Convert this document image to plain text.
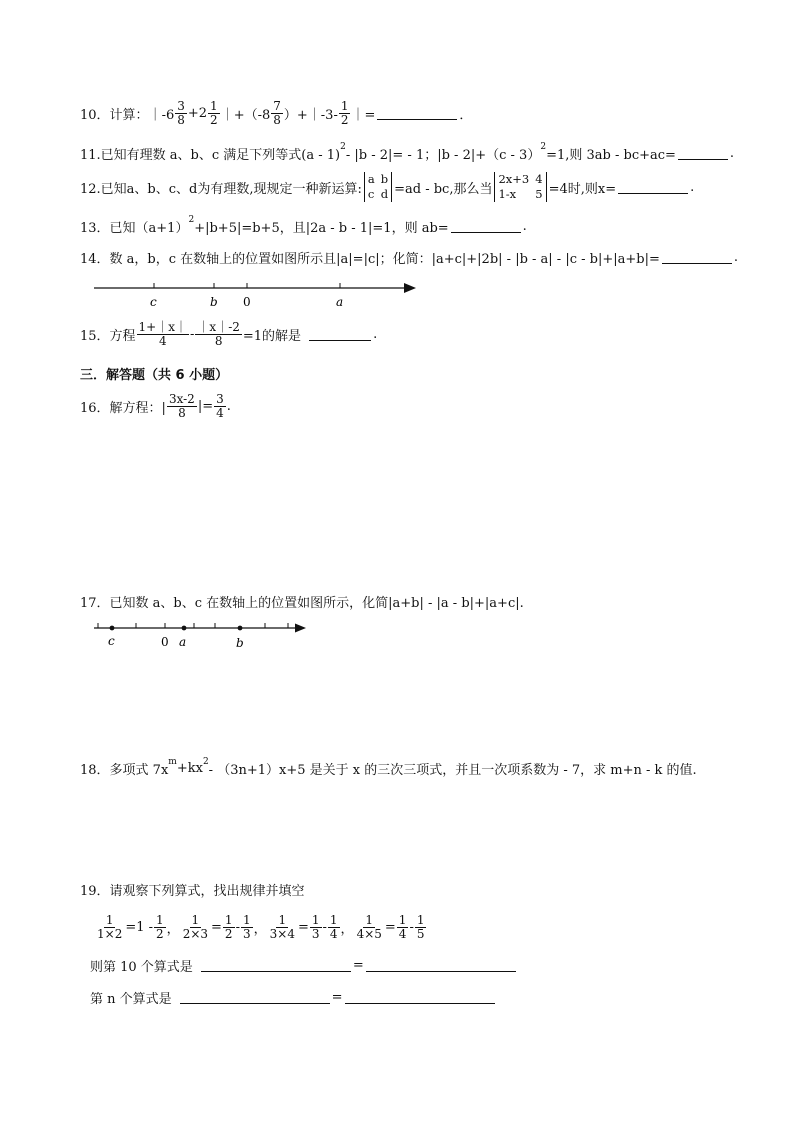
10． 计算： ｜-6 $\frac{3}{8} +2 \frac{1}{2}$ ｜+（-8 $\frac{7}{8}$ ）+｜-3- $\frac{1}{2}$ ｜=	．
11.已知有理数 a、b、c 满足下列等式(a - 1)
2
- |b - 2|= - 1；|b - 2|+（c - 3）
2
=1,则 3ab - bc+ac=	.
12.已知a、b、c、d为有理数,现规定一种新运算:
a b
c d =ad - bc,那么当
2x+3 4
1-x 5 =4时,则x=	.
13．已知（a+1）
2
+|b+5|=b+5，且|2a - b - 1|=1，则 ab=	.
14．数 a，b，c 在数轴上的位置如图所示且|a|=|c|；化简：|a+c|+|2b| - |b - a| - |c - b|+|a+b|=	.
c	b 0	a
15．方程 $\frac{1+|x|}{4} - \frac{|x|-2}{8} =1$的解是	.
三．解答题（共 6 小题）
16．解方程：| $\frac{3x-2}{8}$ |= $\frac{3}{4}$ .
17．已知数 a、b、c 在数轴上的位置如图所示，化简|a+b| - |a - b|+|a+c|.
c	0 a	b
18．多项式 7x
m +kx 2
- （3n+1）x+5 是关于 x 的三次三项式，并且一次项系数为 - 7，求 m+n - k 的值.
19．请观察下列算式，找出规律并填空
$\frac{1}{1\times 2} =1 - \frac{1}{2}$ ， $\frac{1}{2\times 3} = \frac{1}{2} - \frac{1}{3}$ ， $\frac{1}{3\times 4} = \frac{1}{3} - \frac{1}{4}$ ， $\frac{1}{4\times 5} = \frac{1}{4} - \frac{1}{5}$
则第 10 个算式是	=
第 n 个算式是	=
